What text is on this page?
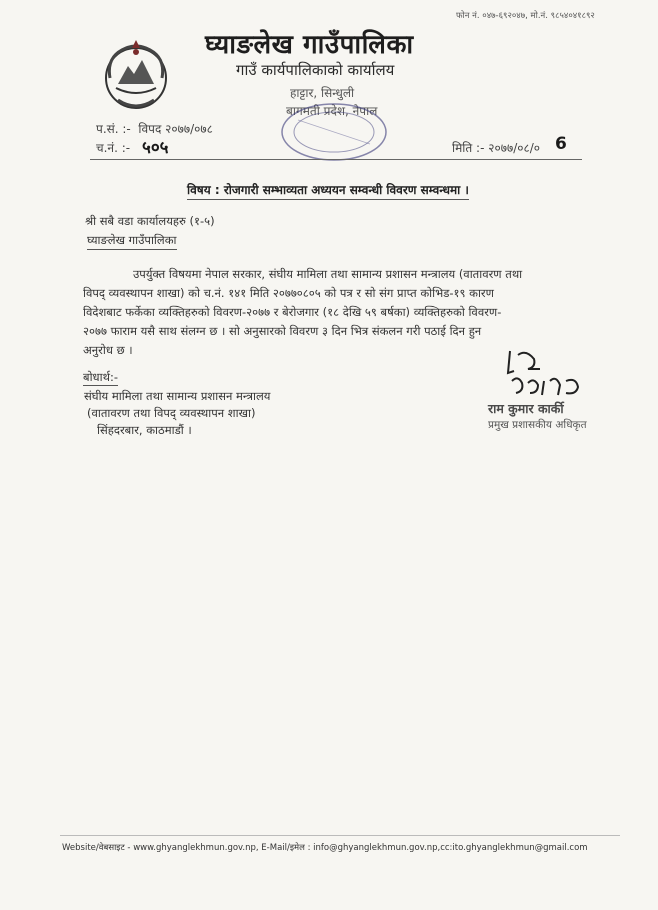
फोन नं. ०४७-६९२०४७, मो.नं. ९८५४०४१८९२
घ्याङलेख गाउँपालिका
गाउँ कार्यपालिकाको कार्यालय
हाट्टार, सिन्धुली
बागमती प्रदेश, नेपाल
प.सं. :- विपद २०७७/०७८
च.नं. :- ५०५	मिति :- २०७७/०८/० 6
विषय : रोजगारी सम्भाव्यता अध्ययन सम्वन्धी विवरण सम्वन्धमा ।
श्री सबै वडा कार्यालयहरु (१-५)
घ्याङलेख गाउँपालिका
उपर्युक्त विषयमा नेपाल सरकार, संघीय मामिला तथा सामान्य प्रशासन मन्त्रालय (वातावरण तथा
विपद् व्यवस्थापन शाखा) को च.नं. १४१ मिति २०७७०८०५ को पत्र र सो संग प्राप्त कोभिड-१९ कारण
विदेशबाट फर्केका व्यक्तिहरुको विवरण-२०७७ र बेरोजगार (१८ देखि ५९ बर्षका) व्यक्तिहरुको विवरण-
२०७७ फाराम यसै साथ संलग्न छ । सो अनुसारको विवरण ३ दिन भित्र संकलन गरी पठाई दिन हुन
अनुरोध छ ।
बोधार्थ:-
संघीय मामिला तथा सामान्य प्रशासन मन्त्रालय
(वातावरण तथा विपद् व्यवस्थापन शाखा)
सिंहदरबार, काठमाडौं ।
राम कुमार कार्की
प्रमुख प्रशासकीय अधिकृत
Website/वेबसाइट - www.ghyanglekhmun.gov.np, E-Mail/इमेल : info@ghyanglekhmun.gov.np,cc:ito.ghyanglekhmun@gmail.com
